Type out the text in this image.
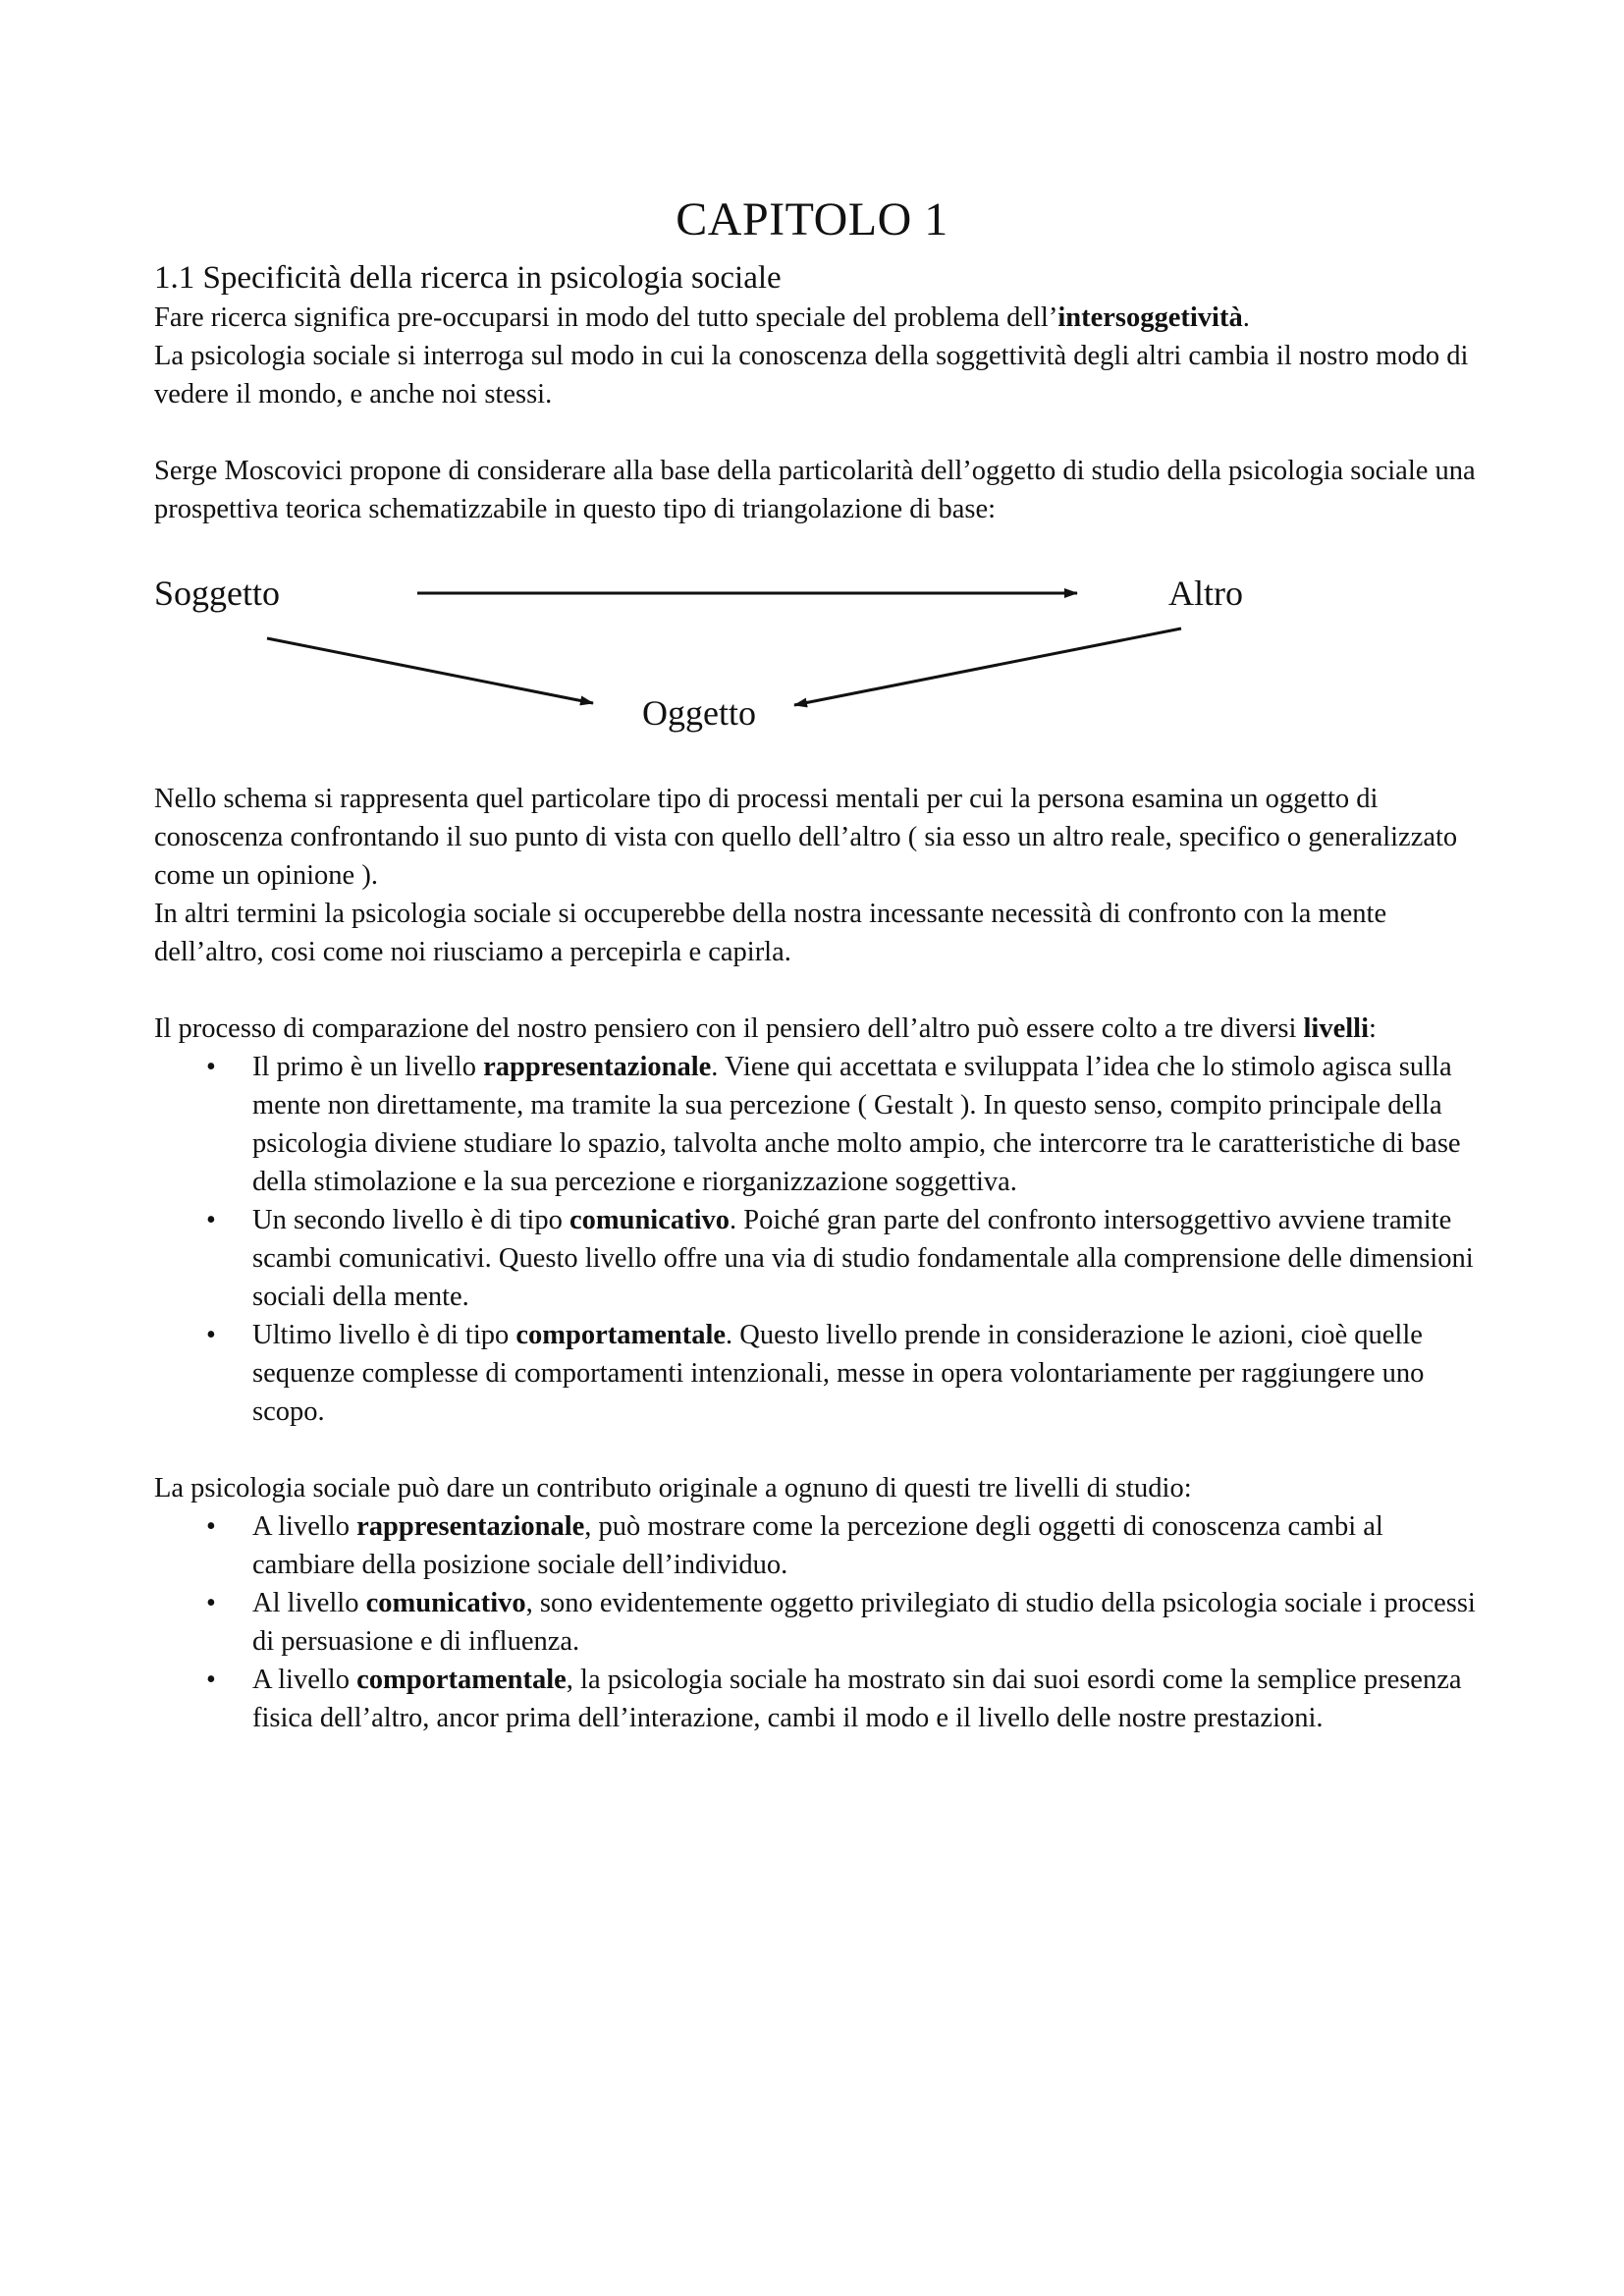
CAPITOLO 1
1.1 Specificità della ricerca in psicologia sociale

Fare ricerca significa pre-occuparsi in modo del tutto speciale del problema dell’intersoggetività.

La psicologia sociale si interroga sul modo in cui la conoscenza della soggettività degli altri cambia il nostro modo di vedere il mondo, e anche noi stessi.

Serge Moscovici propone di considerare alla base della particolarità dell’oggetto di studio della psicologia sociale una prospettiva teorica schematizzabile in questo tipo di triangolazione di base:

Soggetto	Altro
Oggetto

Nello schema si rappresenta quel particolare tipo di processi mentali per cui la persona esamina un oggetto di conoscenza confrontando il suo punto di vista con quello dell’altro ( sia esso un altro reale, specifico o generalizzato come un opinione ).

In altri termini la psicologia sociale si occuperebbe della nostra incessante necessità di confronto con la mente dell’altro, cosi come noi riusciamo a percepirla e capirla.

Il processo di comparazione del nostro pensiero con il pensiero dell’altro può essere colto a tre diversi livelli:

• Il primo è un livello rappresentazionale. Viene qui accettata e sviluppata l’idea che lo stimolo agisca sulla mente non direttamente, ma tramite la sua percezione ( Gestalt ). In questo senso, compito principale della psicologia diviene studiare lo spazio, talvolta anche molto ampio, che intercorre tra le caratteristiche di base della stimolazione e la sua percezione e riorganizzazione soggettiva.
• Un secondo livello è di tipo comunicativo. Poiché gran parte del confronto intersoggettivo avviene tramite scambi comunicativi. Questo livello offre una via di studio fondamentale alla comprensione delle dimensioni sociali della mente.
• Ultimo livello è di tipo comportamentale. Questo livello prende in considerazione le azioni, cioè quelle sequenze complesse di comportamenti intenzionali, messe in opera volontariamente per raggiungere uno scopo.

La psicologia sociale può dare un contributo originale a ognuno di questi tre livelli di studio:

• A livello rappresentazionale, può mostrare come la percezione degli oggetti di conoscenza cambi al cambiare della posizione sociale dell’individuo.
• Al livello comunicativo, sono evidentemente oggetto privilegiato di studio della psicologia sociale i processi di persuasione e di influenza.
• A livello comportamentale, la psicologia sociale ha mostrato sin dai suoi esordi come la semplice presenza fisica dell’altro, ancor prima dell’interazione, cambi il modo e il livello delle nostre prestazioni.
